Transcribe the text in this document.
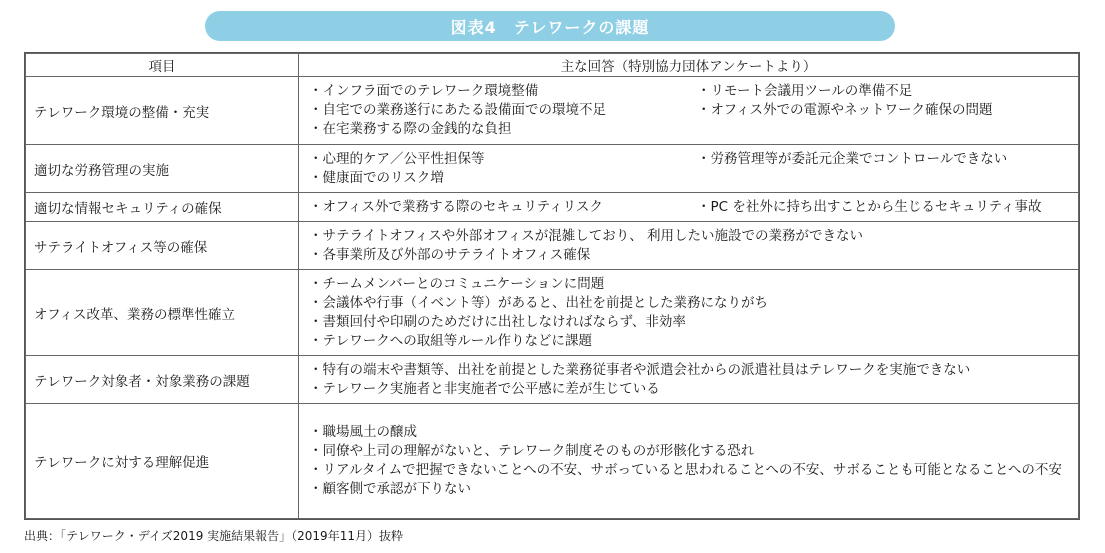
図表4　テレワークの課題
項目	主な回答（特別協力団体アンケートより）
テレワーク環境の整備・充実	・インフラ面でのテレワーク環境整備
・自宅での業務遂行にあたる設備面での環境不足
・在宅業務する際の金銭的な負担
・リモート会議用ツールの準備不足
・オフィス外での電源やネットワーク確保の問題

適切な労務管理の実施	・心理的ケア／公平性担保等
・健康面でのリスク増
・労務管理等が委託元企業でコントロールできない

適切な情報セキュリティの確保	・オフィス外で業務する際のセキュリティリスク ・PC を社外に持ち出すことから生じるセキュリティ事故

サテライトオフィス等の確保	・サテライトオフィスや外部オフィスが混雑しており、 利用したい施設での業務ができない
・各事業所及び外部のサテライトオフィス確保

オフィス改革、業務の標準性確立	・チームメンバーとのコミュニケーションに問題
・会議体や行事（イベント等）があると、出社を前提とした業務になりがち
・書類回付や印刷のためだけに出社しなければならず、非効率
・テレワークへの取組等ルール作りなどに課題

テレワーク対象者・対象業務の課題	・特有の端末や書類等、出社を前提とした業務従事者や派遣会社からの派遣社員はテレワークを実施できない
・テレワーク実施者と非実施者で公平感に差が生じている

テレワークに対する理解促進	・職場風土の醸成
・同僚や上司の理解がないと、テレワーク制度そのものが形骸化する恐れ
・リアルタイムで把握できないことへの不安、サボっていると思われることへの不安、サボることも可能となることへの不安
・顧客側で承認が下りない
出典：「テレワーク・デイズ2019 実施結果報告」（2019年11月）抜粋
